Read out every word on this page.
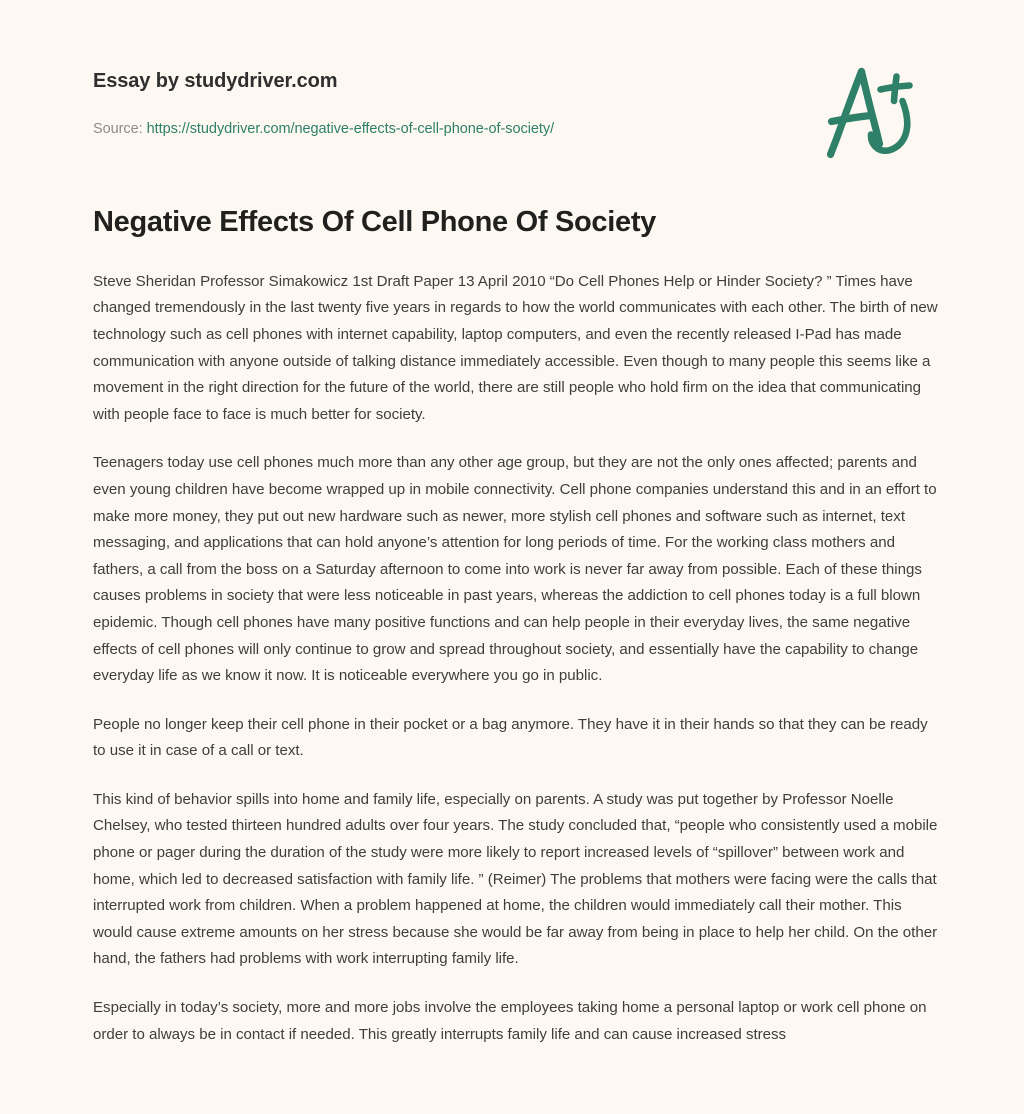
Essay by studydriver.com
Source: https://studydriver.com/negative-effects-of-cell-phone-of-society/
Negative Effects Of Cell Phone Of Society

Steve Sheridan Professor Simakowicz 1st Draft Paper 13 April 2010 “Do Cell Phones Help or Hinder Society? ” Times have changed tremendously in the last twenty five years in regards to how the world communicates with each other. The birth of new technology such as cell phones with internet capability, laptop computers, and even the recently released I-Pad has made communication with anyone outside of talking distance immediately accessible. Even though to many people this seems like a movement in the right direction for the future of the world, there are still people who hold firm on the idea that communicating with people face to face is much better for society.

Teenagers today use cell phones much more than any other age group, but they are not the only ones affected; parents and even young children have become wrapped up in mobile connectivity. Cell phone companies understand this and in an effort to make more money, they put out new hardware such as newer, more stylish cell phones and software such as internet, text messaging, and applications that can hold anyone’s attention for long periods of time. For the working class mothers and fathers, a call from the boss on a Saturday afternoon to come into work is never far away from possible. Each of these things causes problems in society that were less noticeable in past years, whereas the addiction to cell phones today is a full blown epidemic. Though cell phones have many positive functions and can help people in their everyday lives, the same negative effects of cell phones will only continue to grow and spread throughout society, and essentially have the capability to change everyday life as we know it now. It is noticeable everywhere you go in public.

People no longer keep their cell phone in their pocket or a bag anymore. They have it in their hands so that they can be ready to use it in case of a call or text.

This kind of behavior spills into home and family life, especially on parents. A study was put together by Professor Noelle Chelsey, who tested thirteen hundred adults over four years. The study concluded that, “people who consistently used a mobile phone or pager during the duration of the study were more likely to report increased levels of “spillover” between work and home, which led to decreased satisfaction with family life. ” (Reimer) The problems that mothers were facing were the calls that interrupted work from children. When a problem happened at home, the children would immediately call their mother. This would cause extreme amounts on her stress because she would be far away from being in place to help her child. On the other hand, the fathers had problems with work interrupting family life.

Especially in today’s society, more and more jobs involve the employees taking home a personal laptop or work cell phone on order to always be in contact if needed. This greatly interrupts family life and can cause increased stress
